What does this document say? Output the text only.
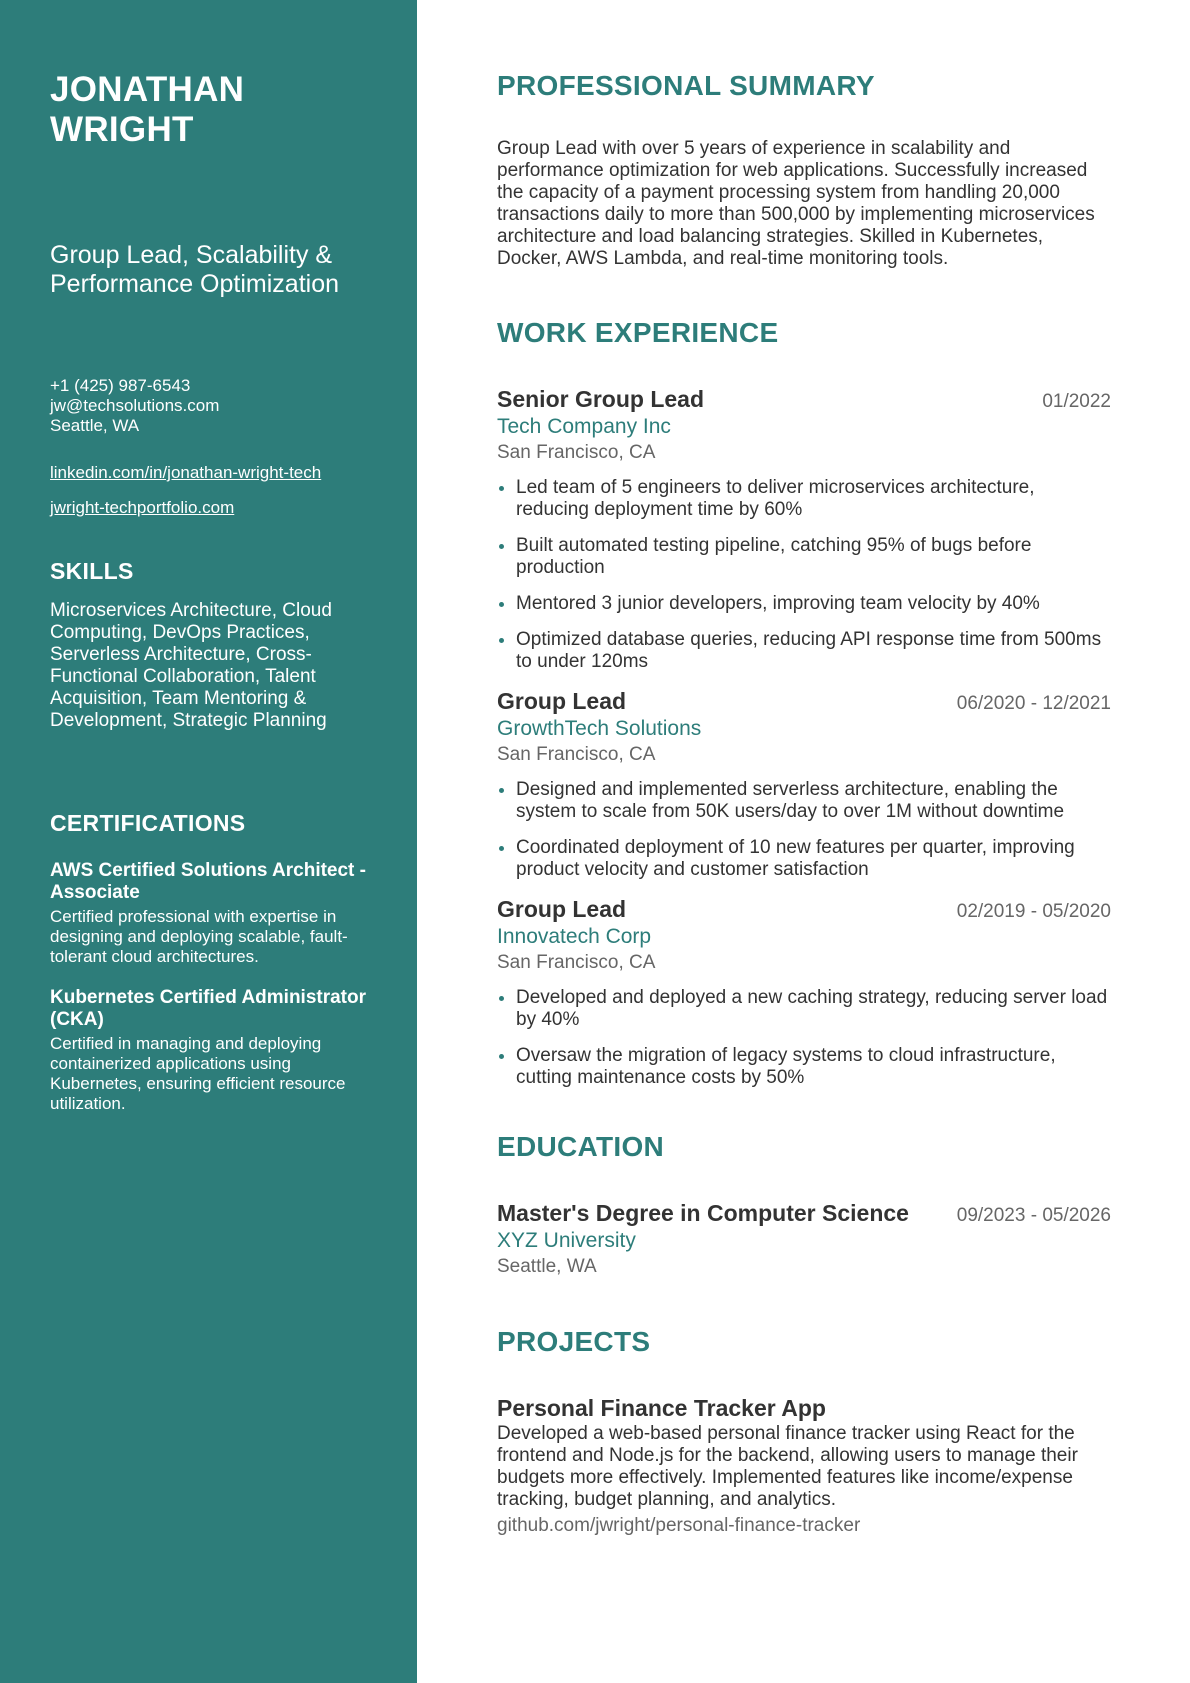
JONATHAN
WRIGHT
Group Lead, Scalability & Performance Optimization
+1 (425) 987-6543
jw@techsolutions.com
Seattle, WA
linkedin.com/in/jonathan-wright-tech
jwright-techportfolio.com
SKILLS

Microservices Architecture, Cloud Computing, DevOps Practices, Serverless Architecture, Cross-Functional Collaboration, Talent Acquisition, Team Mentoring & Development, Strategic Planning

CERTIFICATIONS
AWS Certified Solutions Architect - Associate
Certified professional with expertise in designing and deploying scalable, fault-tolerant cloud architectures.
Kubernetes Certified Administrator (CKA)
Certified in managing and deploying containerized applications using Kubernetes, ensuring efficient resource utilization.
PROFESSIONAL SUMMARY

Group Lead with over 5 years of experience in scalability and performance optimization for web applications. Successfully increased the capacity of a payment processing system from handling 20,000 transactions daily to more than 500,000 by implementing microservices architecture and load balancing strategies. Skilled in Kubernetes, Docker, AWS Lambda, and real-time monitoring tools.

WORK EXPERIENCE
Senior Group Lead	01/2022
Tech Company Inc
San Francisco, CA
Led team of 5 engineers to deliver microservices architecture, reducing deployment time by 60%
Built automated testing pipeline, catching 95% of bugs before production
Mentored 3 junior developers, improving team velocity by 40%
Optimized database queries, reducing API response time from 500ms to under 120ms
Group Lead	06/2020 - 12/2021
GrowthTech Solutions
San Francisco, CA
Designed and implemented serverless architecture, enabling the system to scale from 50K users/day to over 1M without downtime
Coordinated deployment of 10 new features per quarter, improving product velocity and customer satisfaction
Group Lead	02/2019 - 05/2020
Innovatech Corp
San Francisco, CA
Developed and deployed a new caching strategy, reducing server load by 40%
Oversaw the migration of legacy systems to cloud infrastructure, cutting maintenance costs by 50%
EDUCATION
Master's Degree in Computer Science	09/2023 - 05/2026
XYZ University
Seattle, WA
PROJECTS
Personal Finance Tracker App

Developed a web-based personal finance tracker using React for the frontend and Node.js for the backend, allowing users to manage their budgets more effectively. Implemented features like income/expense tracking, budget planning, and analytics.

github.com/jwright/personal-finance-tracker
